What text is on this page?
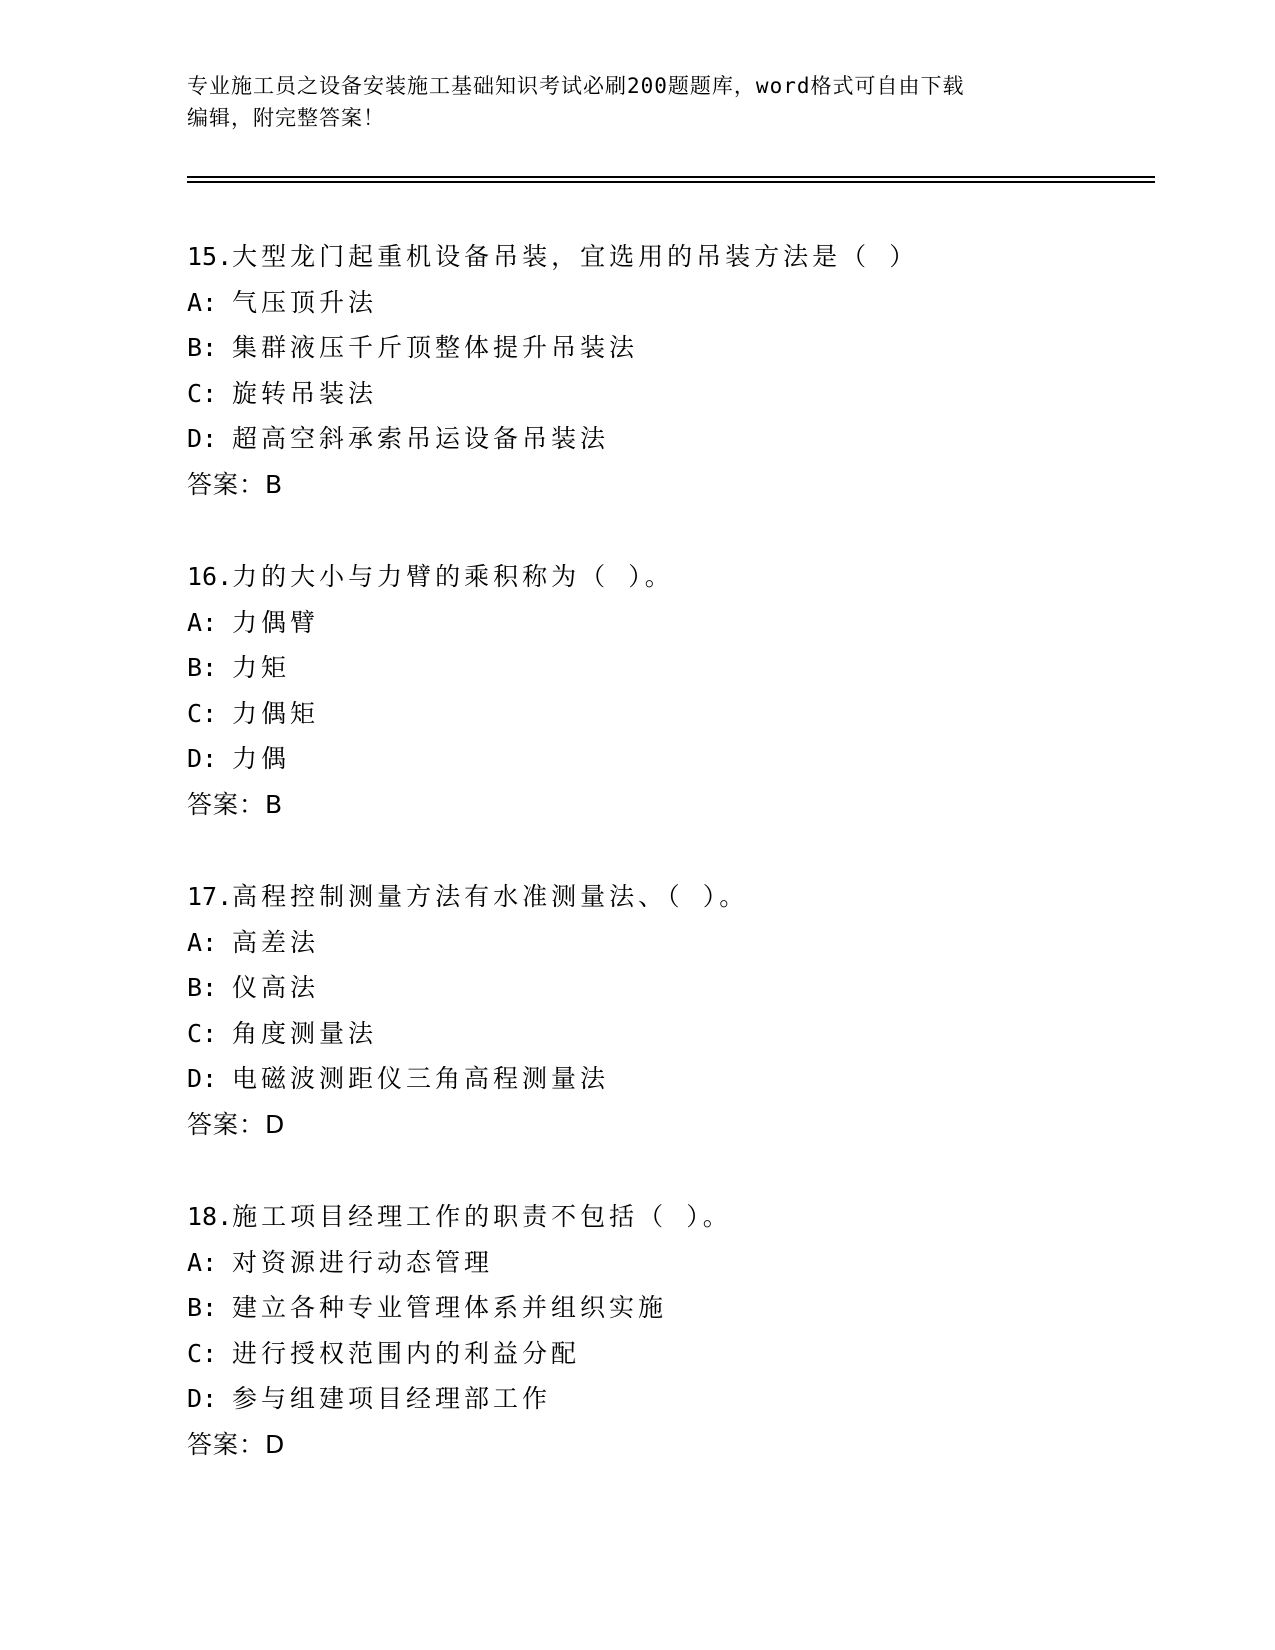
专业施工员之设备安装施工基础知识考试必刷200题题库，word格式可自由下载
编辑，附完整答案！
15.大型龙门起重机设备吊装，宜选用的吊装方法是（ ）
A: 气压顶升法
B: 集群液压千斤顶整体提升吊装法
C: 旋转吊装法
D: 超高空斜承索吊运设备吊装法
答案：B
16.力的大小与力臂的乘积称为（ ）。
A: 力偶臂
B: 力矩
C: 力偶矩
D: 力偶
答案：B
17.高程控制测量方法有水准测量法、（ ）。
A: 高差法
B: 仪高法
C: 角度测量法
D: 电磁波测距仪三角高程测量法
答案：D
18.施工项目经理工作的职责不包括（ ）。
A: 对资源进行动态管理
B: 建立各种专业管理体系并组织实施
C: 进行授权范围内的利益分配
D: 参与组建项目经理部工作
答案：D
